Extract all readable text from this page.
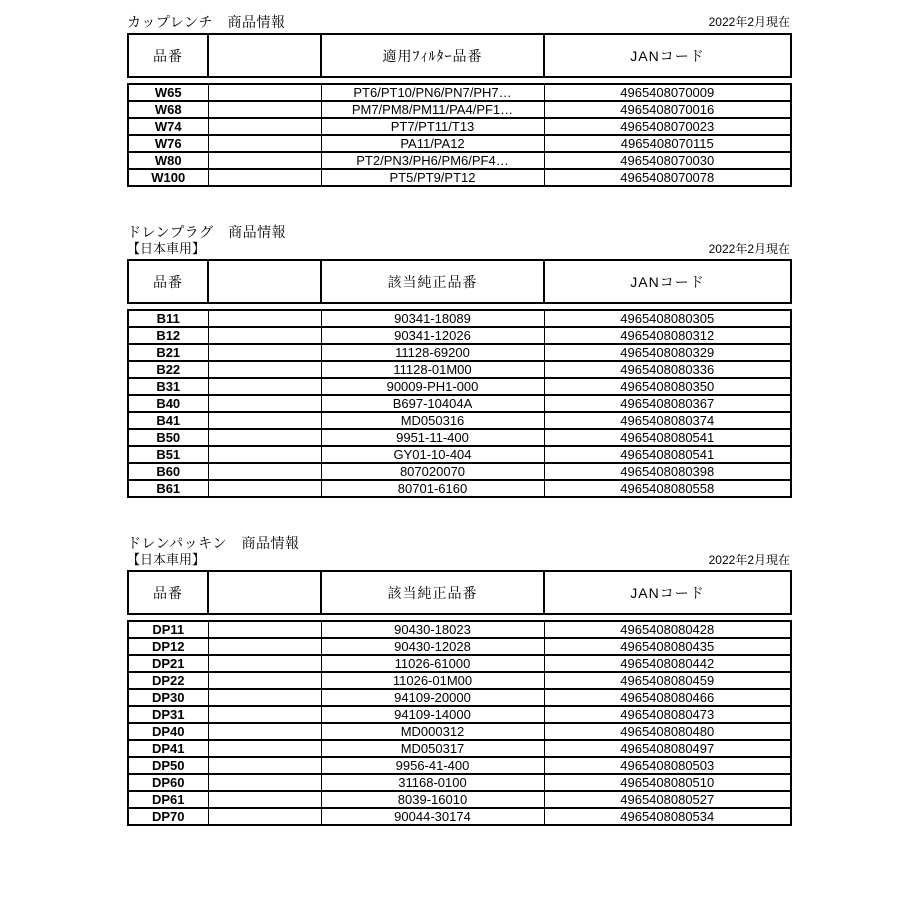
カップレンチ　商品情報	2022年2月現在
品番		適用ﾌｨﾙﾀｰ品番	JANコード
W65		PT6/PT10/PN6/PN7/PH7…	4965408070009
W68		PM7/PM8/PM11/PA4/PF1…	4965408070016
W74		PT7/PT11/T13	4965408070023
W76		PA11/PA12	4965408070115
W80		PT2/PN3/PH6/PM6/PF4…	4965408070030
W100		PT5/PT9/PT12	4965408070078
ドレンプラグ　商品情報
【日本車用】	2022年2月現在
品番		該当純正品番	JANコード
B11		90341-18089	4965408080305
B12		90341-12026	4965408080312
B21		11128-69200	4965408080329
B22		11128-01M00	4965408080336
B31		90009-PH1-000	4965408080350
B40		B697-10404A	4965408080367
B41		MD050316	4965408080374
B50		9951-11-400	4965408080541
B51		GY01-10-404	4965408080541
B60		807020070	4965408080398
B61		80701-6160	4965408080558
ドレンパッキン　商品情報
【日本車用】	2022年2月現在
品番		該当純正品番	JANコード
DP11		90430-18023	4965408080428
DP12		90430-12028	4965408080435
DP21		11026-61000	4965408080442
DP22		11026-01M00	4965408080459
DP30		94109-20000	4965408080466
DP31		94109-14000	4965408080473
DP40		MD000312	4965408080480
DP41		MD050317	4965408080497
DP50		9956-41-400	4965408080503
DP60		31168-0100	4965408080510
DP61		8039-16010	4965408080527
DP70		90044-30174	4965408080534
